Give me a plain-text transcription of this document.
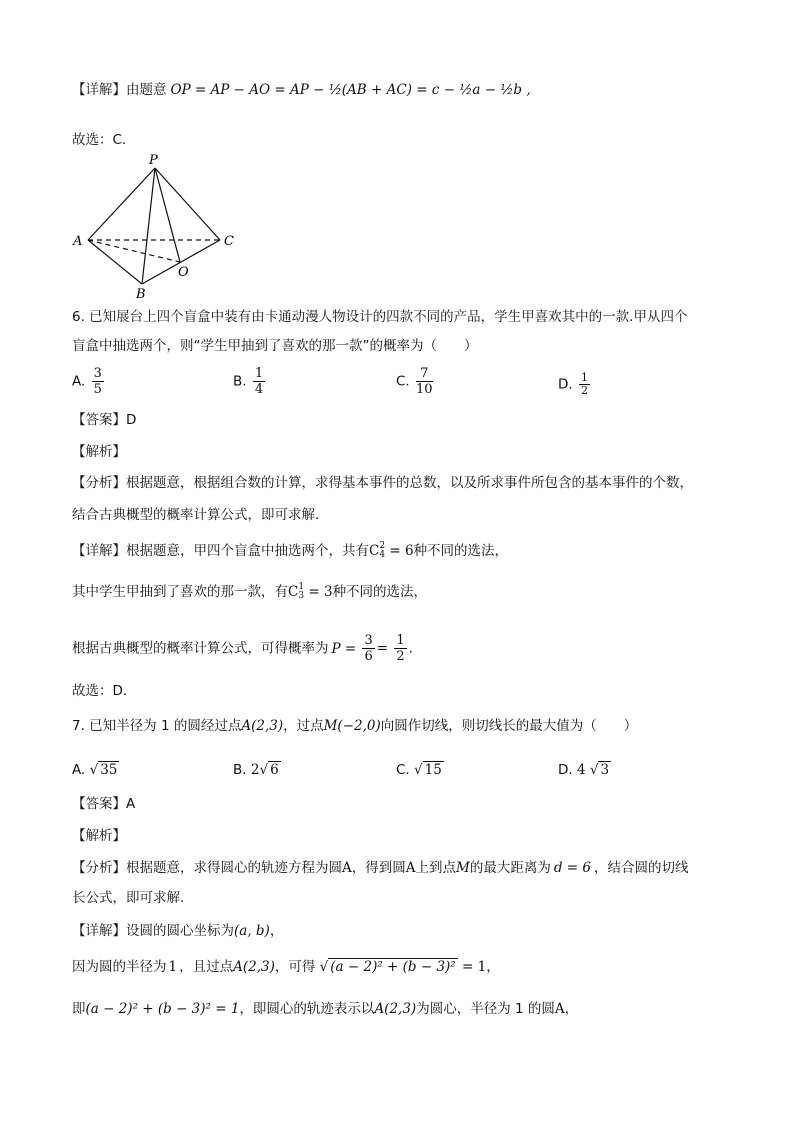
【详解】由题意 OP = AP − AO = AP − ½(AB + AC) = c − ½a − ½b ,
故选：C.
P
A	C
O
B
6. 已知展台上四个盲盒中装有由卡通动漫人物设计的四款不同的产品，学生甲喜欢其中的一款.甲从四个
盲盒中抽选两个，则“学生甲抽到了喜欢的那一款”的概率为（　　）
A. $\frac{3}{5}$	B. $\frac{1}{4}$	C. $\frac{7}{10}$	D. $\frac{1}{2}$
【答案】D
【解析】
【分析】根据题意，根据组合数的计算，求得基本事件的总数，以及所求事件所包含的基本事件的个数，
结合古典概型的概率计算公式，即可求解.
【详解】根据题意，甲四个盲盒中抽选两个，共有C 2
4 = 6种不同的选法，
其中学生甲抽到了喜欢的那一款，有C 1
3 = 3种不同的选法，
根据古典概型的概率计算公式，可得概率为 $P = \frac{3}{6} = \frac{1}{2}$ .
故选：D.
7. 已知半径为 1 的圆经过点A(2,3)，过点M(−2,0)向圆作切线，则切线长的最大值为（　　）
A. √ 35	B. 2√ 6	C. √ 15	D. 4 √ 3
【答案】A
【解析】
【分析】根据题意，求得圆心的轨迹方程为圆A，得到圆A上到点M的最大距离为 d = 6 ，结合圆的切线
长公式，即可求解.
【详解】设圆的圆心坐标为(a, b)，
因为圆的半径为 1 ，且过点A(2,3)，可得 √ (a − 2)² + (b − 3)² = 1，
即(a − 2)² + (b − 3)² = 1，即圆心的轨迹表示以A(2,3)为圆心，半径为 1 的圆A，
